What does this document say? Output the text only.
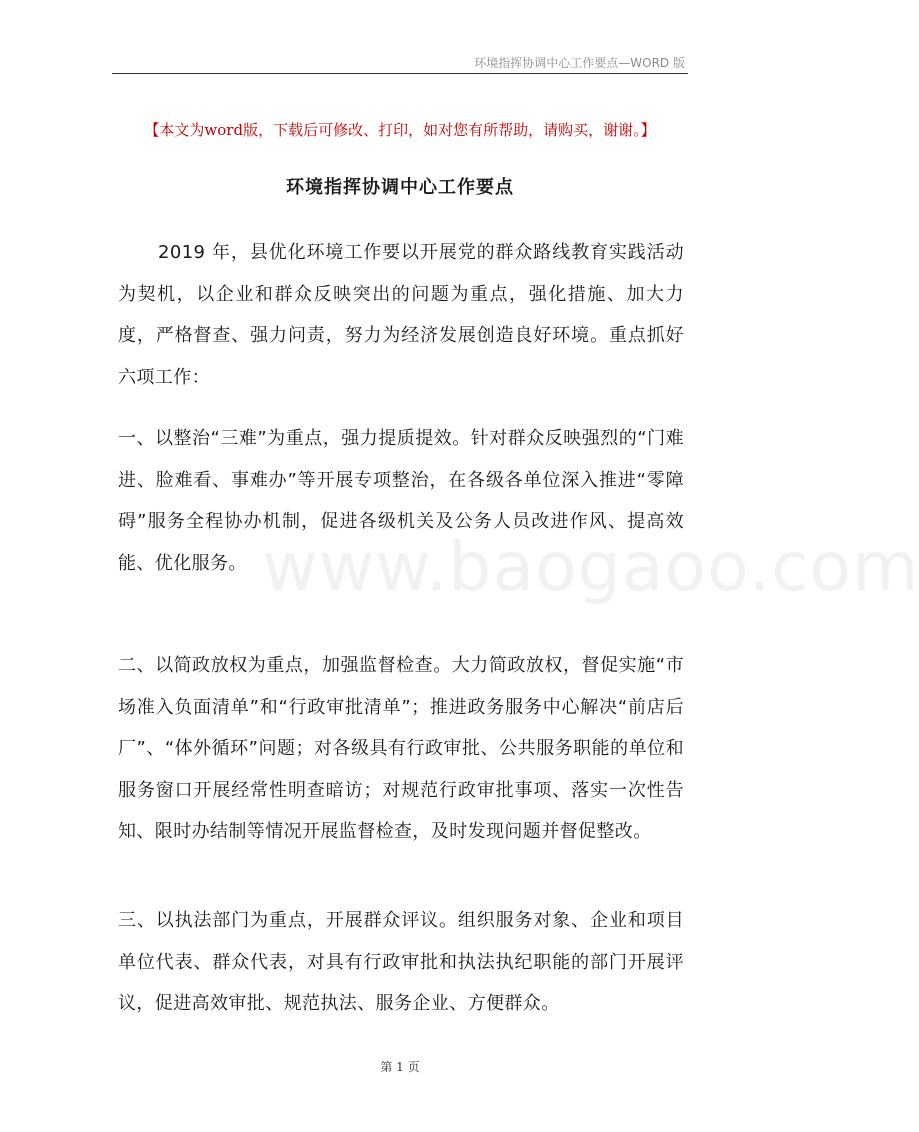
环境指挥协调中心工作要点—WORD 版
【本文为word版，下载后可修改、打印，如对您有所帮助，请购买，谢谢。】
环境指挥协调中心工作要点

2019 年，县优化环境工作要以开展党的群众路线教育实践活动为契机，以企业和群众反映突出的问题为重点，强化措施、加大力度，严格督查、强力问责，努力为经济发展创造良好环境。重点抓好六项工作：

一、以整治“三难”为重点，强力提质提效。针对群众反映强烈的“门难进、脸难看、事难办”等开展专项整治，在各级各单位深入推进“零障碍”服务全程协办机制，促进各级机关及公务人员改进作风、提高效能、优化服务。

二、以简政放权为重点，加强监督检查。大力简政放权，督促实施“市场准入负面清单”和“行政审批清单”；推进政务服务中心解决“前店后厂”、“体外循环”问题；对各级具有行政审批、公共服务职能的单位和服务窗口开展经常性明查暗访；对规范行政审批事项、落实一次性告知、限时办结制等情况开展监督检查，及时发现问题并督促整改。

三、以执法部门为重点，开展群众评议。组织服务对象、企业和项目单位代表、群众代表，对具有行政审批和执法执纪职能的部门开展评议，促进高效审批、规范执法、服务企业、方便群众。

www.baogaoo.com
第 1 页
